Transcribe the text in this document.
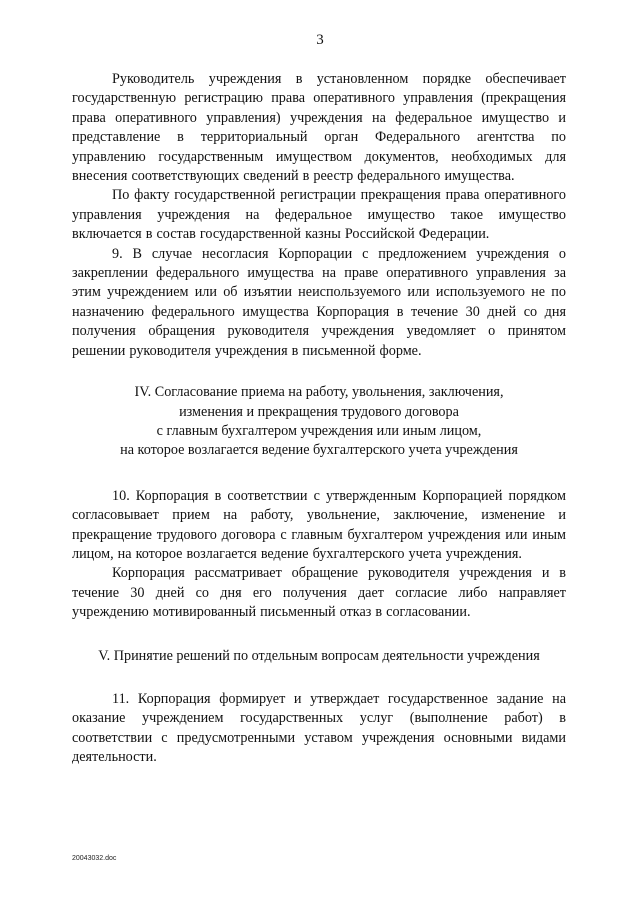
3

Руководитель учреждения в установленном порядке обеспечивает государственную регистрацию права оперативного управления (прекращения права оперативного управления) учреждения на федеральное имущество и представление в территориальный орган Федерального агентства по управлению государственным имуществом документов, необходимых для внесения соответствующих сведений в реестр федерального имущества.

По факту государственной регистрации прекращения права оперативного управления учреждения на федеральное имущество такое имущество включается в состав государственной казны Российской Федерации.

9. В случае несогласия Корпорации с предложением учреждения о закреплении федерального имущества на праве оперативного управления за этим учреждением или об изъятии неиспользуемого или используемого не по назначению федерального имущества Корпорация в течение 30 дней со дня получения обращения руководителя учреждения уведомляет о принятом решении руководителя учреждения в письменной форме.

IV. Согласование приема на работу, увольнения, заключения,
изменения и прекращения трудового договора
с главным бухгалтером учреждения или иным лицом,
на которое возлагается ведение бухгалтерского учета учреждения

10. Корпорация в соответствии с утвержденным Корпорацией порядком согласовывает прием на работу, увольнение, заключение, изменение и прекращение трудового договора с главным бухгалтером учреждения или иным лицом, на которое возлагается ведение бухгалтерского учета учреждения.

Корпорация рассматривает обращение руководителя учреждения и в течение 30 дней со дня его получения дает согласие либо направляет учреждению мотивированный письменный отказ в согласовании.

V. Принятие решений по отдельным вопросам деятельности учреждения

11. Корпорация формирует и утверждает государственное задание на оказание учреждением государственных услуг (выполнение работ) в соответствии с предусмотренными уставом учреждения основными видами деятельности.

20043032.doc
